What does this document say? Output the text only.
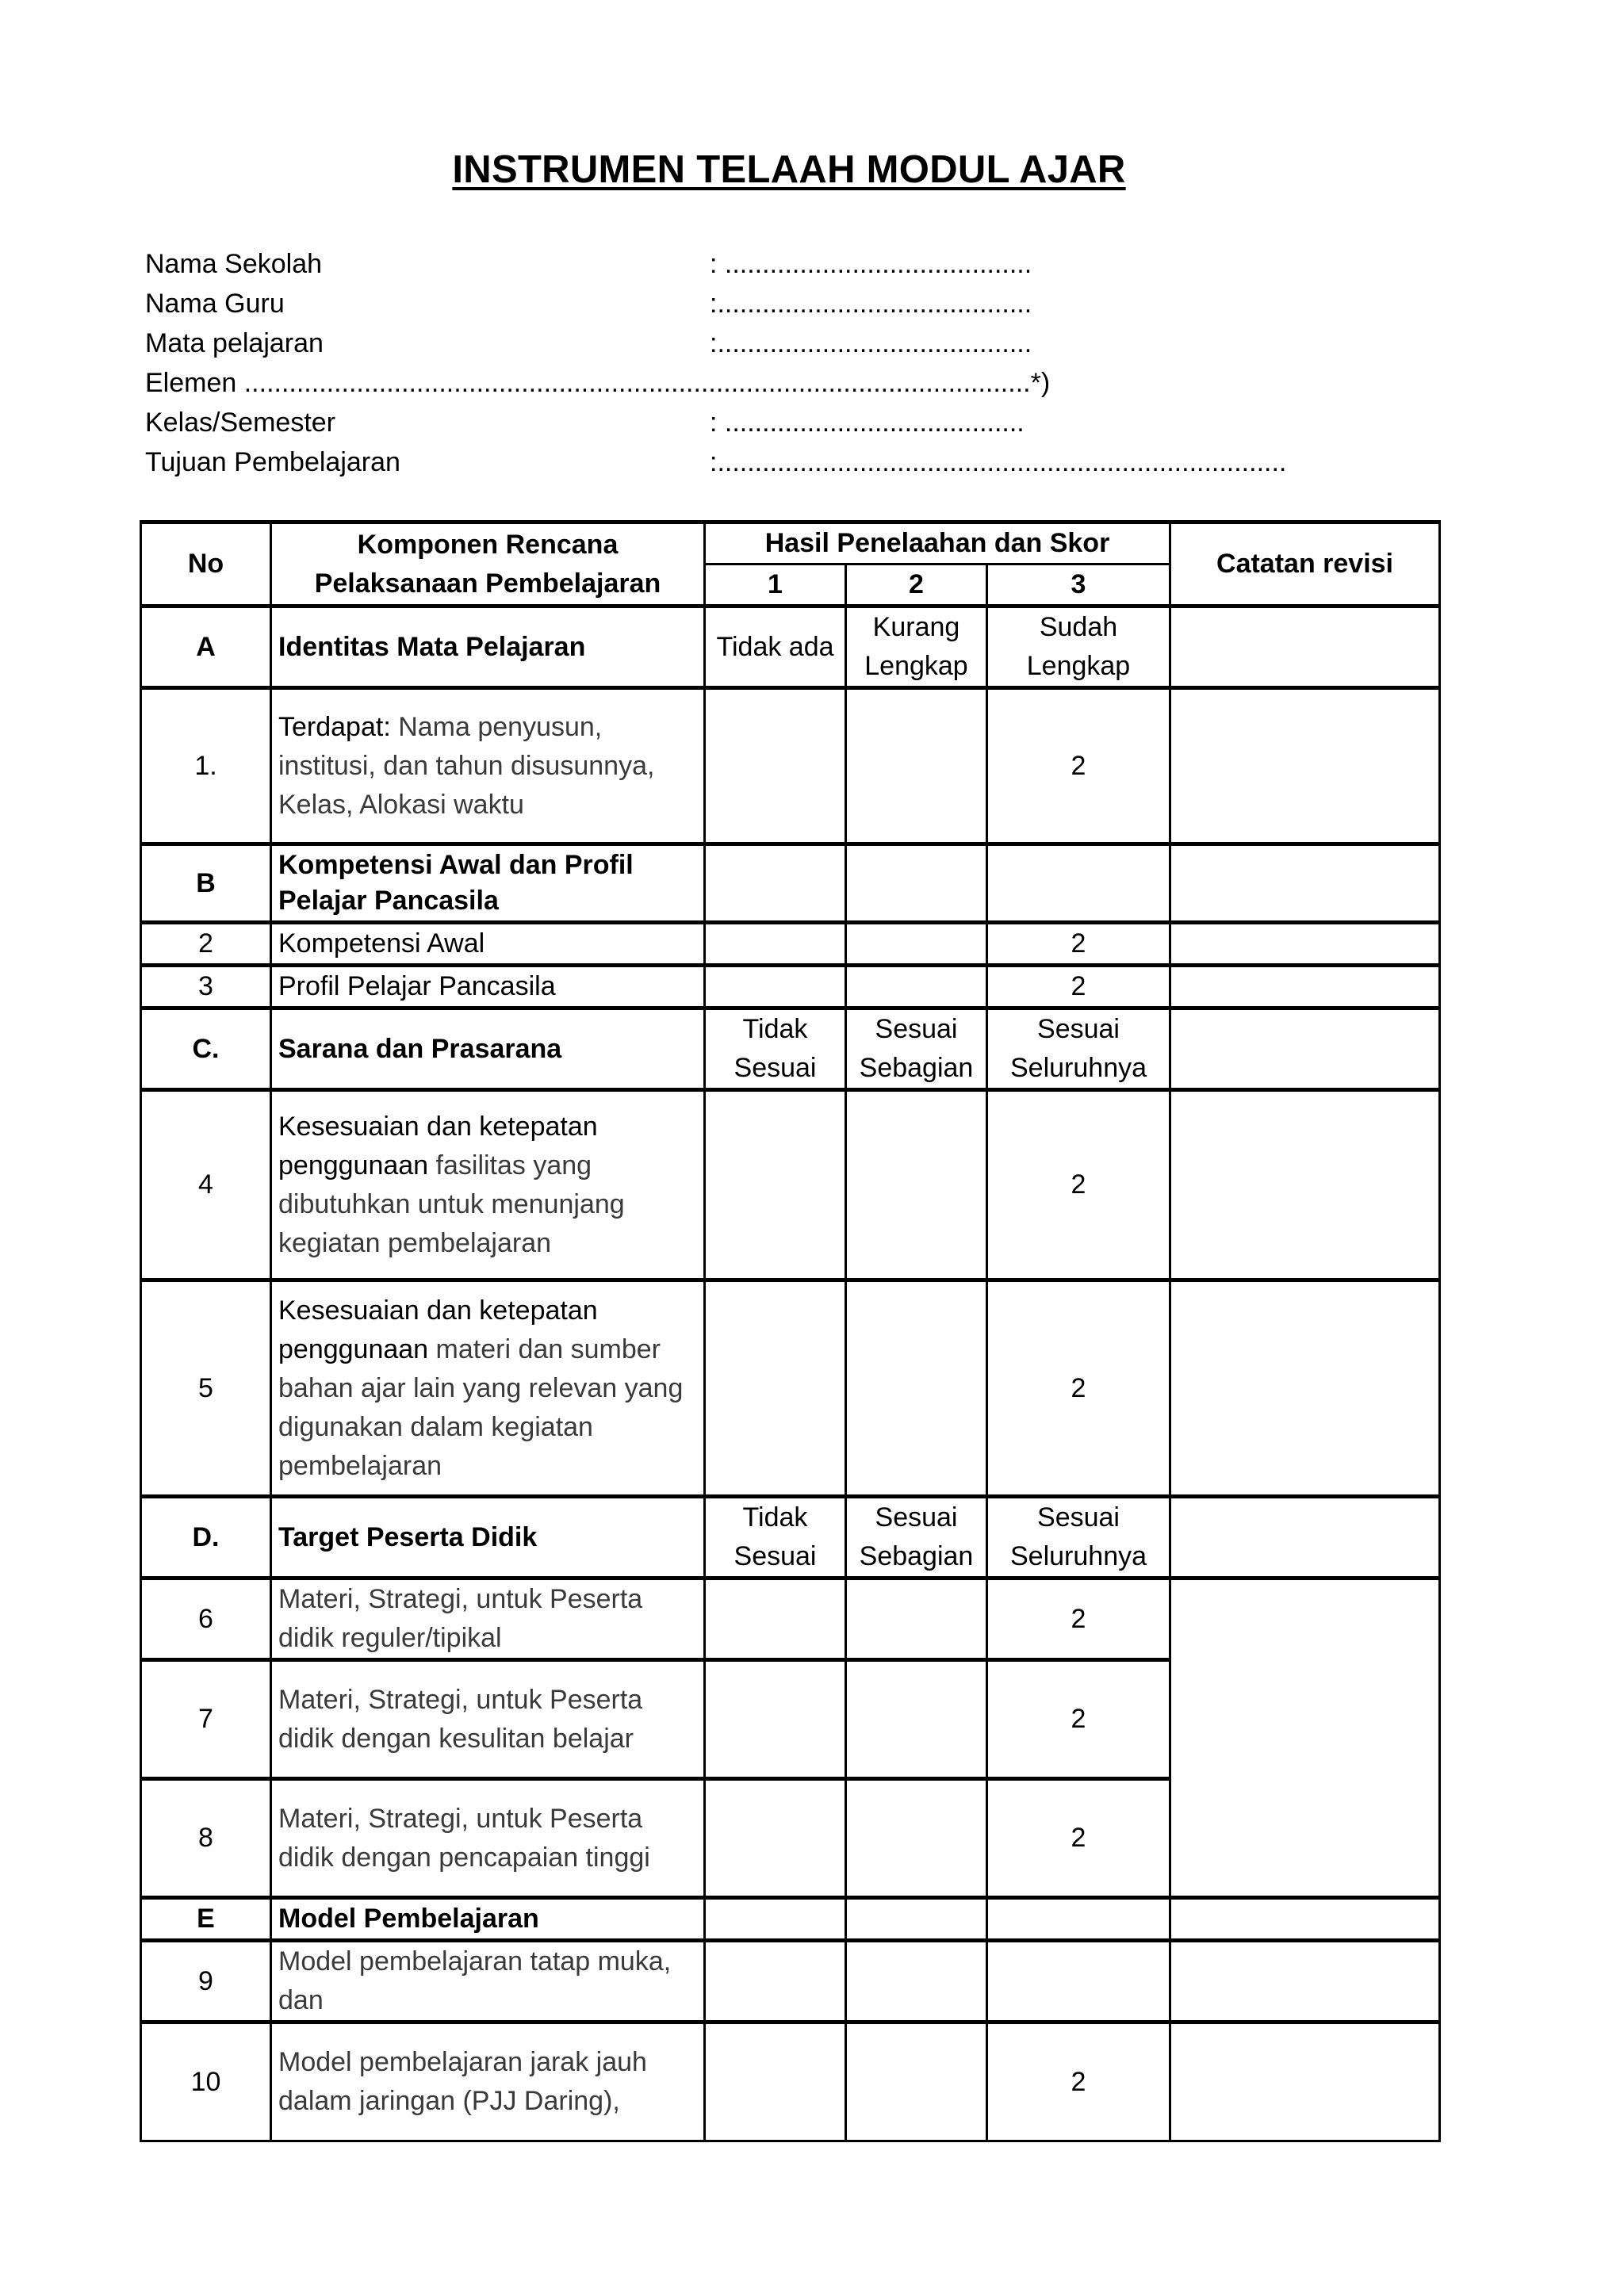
INSTRUMEN TELAAH MODUL AJAR
Nama Sekolah	: .........................................
Nama Guru	:..........................................
Mata pelajaran	:..........................................
Elemen .........................................................................................................*)
Kelas/Semester	: ........................................
Tujuan Pembelajaran	:............................................................................
No	Komponen Rencana Pelaksanaan Pembelajaran	Hasil Penelaahan dan Skor			Catatan revisi
		1	2	3	
A	Identitas Mata Pelajaran	Tidak ada	Kurang Lengkap	Sudah Lengkap	
1.	Terdapat: Nama penyusun, institusi, dan tahun disusunnya, Kelas, Alokasi waktu			2	
B	Kompetensi Awal dan Profil Pelajar Pancasila				
2	Kompetensi Awal			2	
3	Profil Pelajar Pancasila			2	
C.	Sarana dan Prasarana	Tidak Sesuai	Sesuai Sebagian	Sesuai Seluruhnya	
4	Kesesuaian dan ketepatan penggunaan fasilitas yang dibutuhkan untuk menunjang kegiatan pembelajaran			2	
5	Kesesuaian dan ketepatan penggunaan materi dan sumber bahan ajar lain yang relevan yang digunakan dalam kegiatan pembelajaran			2	
D.	Target Peserta Didik	Tidak Sesuai	Sesuai Sebagian	Sesuai Seluruhnya	
6	Materi, Strategi, untuk Peserta didik reguler/tipikal			2	
7	Materi, Strategi, untuk Peserta didik dengan kesulitan belajar			2	
8	Materi, Strategi, untuk Peserta didik dengan pencapaian tinggi			2	
E	Model Pembelajaran				
9	Model pembelajaran tatap muka, dan				
10	Model pembelajaran jarak jauh dalam jaringan (PJJ Daring),			2	
